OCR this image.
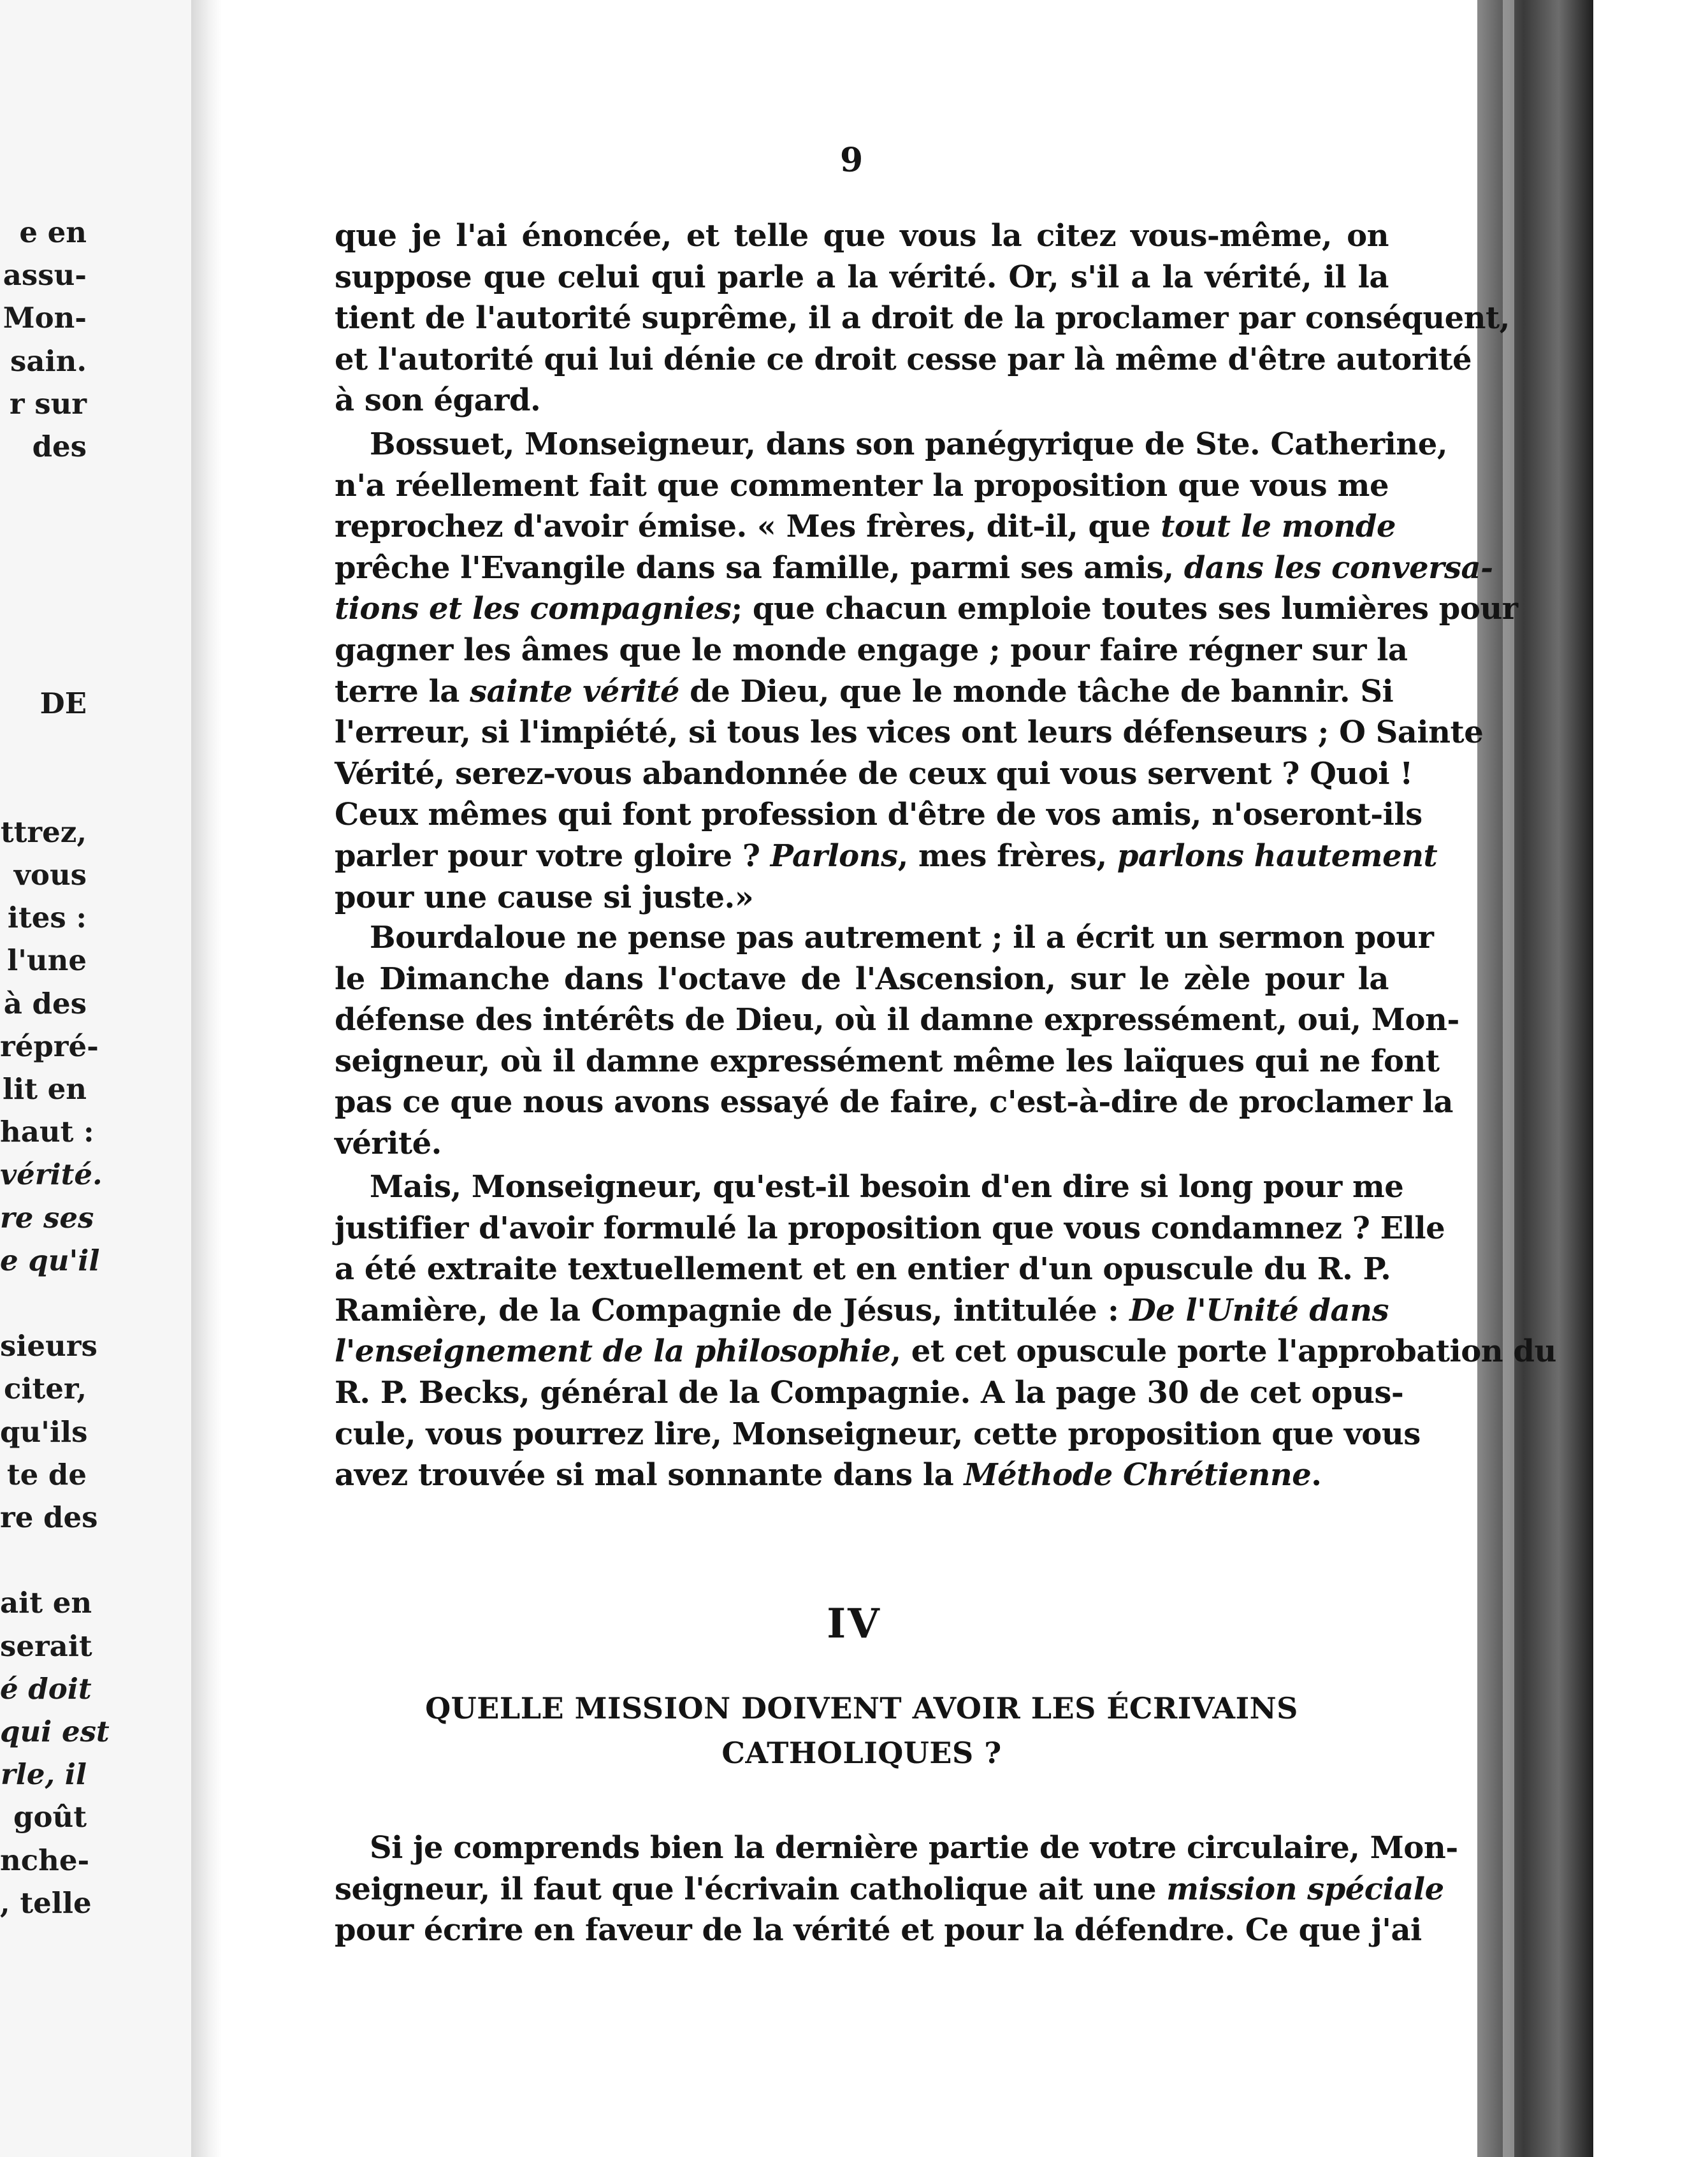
e en
assu-
Mon-
sain.
r sur
des
DE
ttrez,
vous
ites :
l'une
à des
répré-
lit en
haut :
vérité.
re ses
e qu'il
sieurs
citer,
qu'ils
te de
re des
ait en
serait
é doit
qui est
rle, il
goût
nche-
, telle

9

que je l'ai énoncée, et telle que vous la citez vous-même, on

suppose que celui qui parle a la vérité. Or, s'il a la vérité, il la

tient de l'autorité suprême, il a droit de la proclamer par conséquent,

et l'autorité qui lui dénie ce droit cesse par là même d'être autorité

à son égard.

Bossuet, Monseigneur, dans son panégyrique de Ste. Catherine,

n'a réellement fait que commenter la proposition que vous me

reprochez d'avoir émise. « Mes frères, dit-il, que tout le monde

prêche l'Evangile dans sa famille, parmi ses amis, dans les conversa-

tions et les compagnies; que chacun emploie toutes ses lumières pour

gagner les âmes que le monde engage ; pour faire régner sur la

terre la sainte vérité de Dieu, que le monde tâche de bannir. Si

l'erreur, si l'impiété, si tous les vices ont leurs défenseurs ; O Sainte

Vérité, serez-vous abandonnée de ceux qui vous servent ? Quoi !

Ceux mêmes qui font profession d'être de vos amis, n'oseront-ils

parler pour votre gloire ? Parlons, mes frères, parlons hautement

pour une cause si juste.»

Bourdaloue ne pense pas autrement ; il a écrit un sermon pour

le Dimanche dans l'octave de l'Ascension, sur le zèle pour la

défense des intérêts de Dieu, où il damne expressément, oui, Mon-

seigneur, où il damne expressément même les laïques qui ne font

pas ce que nous avons essayé de faire, c'est-à-dire de proclamer la

vérité.

Mais, Monseigneur, qu'est-il besoin d'en dire si long pour me

justifier d'avoir formulé la proposition que vous condamnez ? Elle

a été extraite textuellement et en entier d'un opuscule du R. P.

Ramière, de la Compagnie de Jésus, intitulée : De l'Unité dans

l'enseignement de la philosophie, et cet opuscule porte l'approbation du

R. P. Becks, général de la Compagnie. A la page 30 de cet opus-

cule, vous pourrez lire, Monseigneur, cette proposition que vous

avez trouvée si mal sonnante dans la Méthode Chrétienne.

Si je comprends bien la dernière partie de votre circulaire, Mon-

seigneur, il faut que l'écrivain catholique ait une mission spéciale

pour écrire en faveur de la vérité et pour la défendre. Ce que j'ai

IV

QUELLE MISSION DOIVENT AVOIR LES ÉCRIVAINS

CATHOLIQUES ?
